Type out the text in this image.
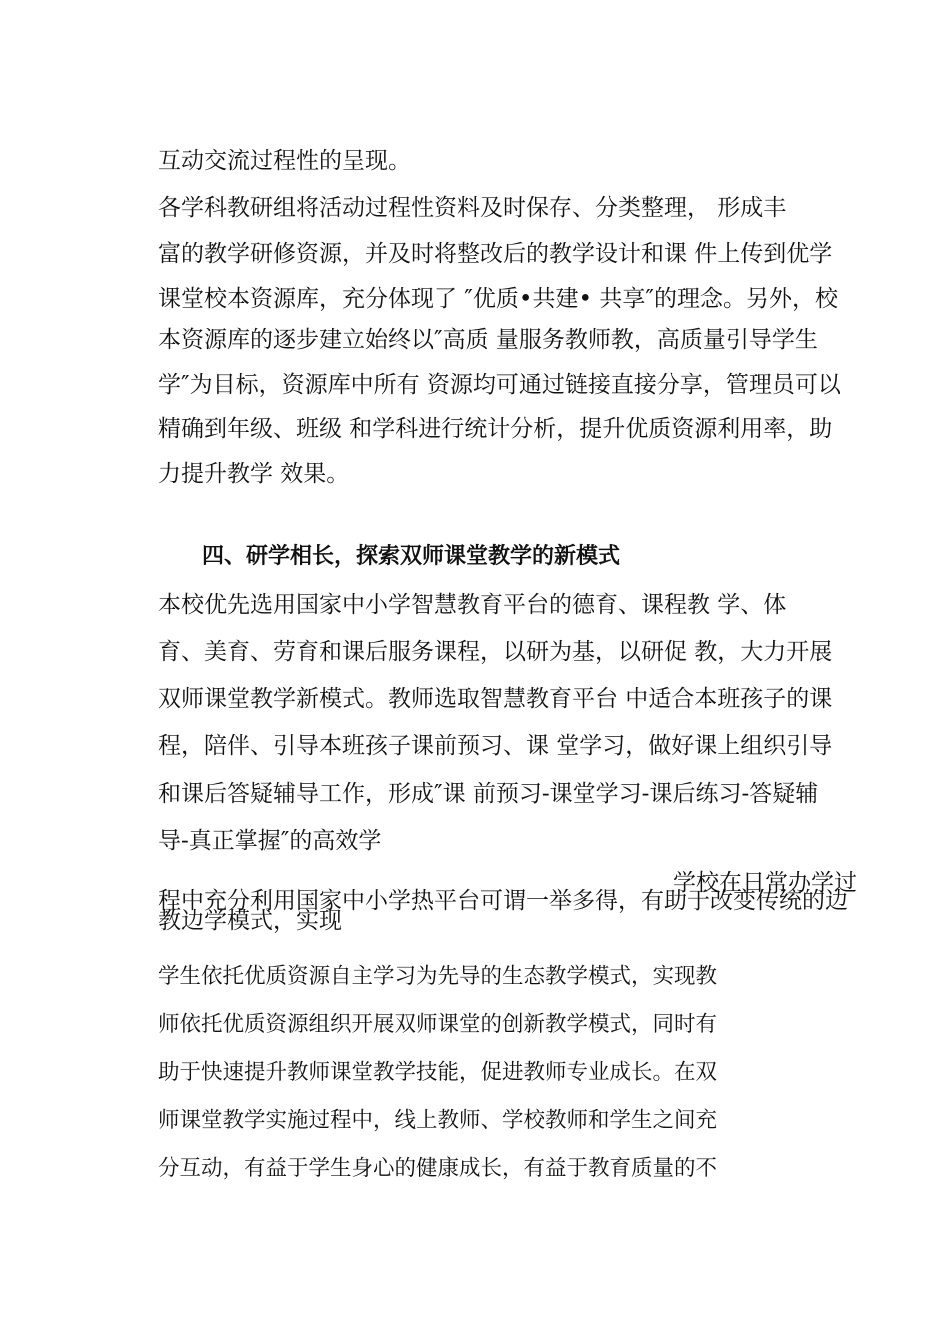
互动交流过程性的呈现。
各学科教研组将活动过程性资料及时保存、分类整理， 形成丰
富的教学研修资源，并及时将整改后的教学设计和课 件上传到优学
课堂校本资源库，充分体现了 ″优质•共建• 共享″的理念。另外，校
本资源库的逐步建立始终以″高质 量服务教师教，高质量引导学生
学″为目标，资源库中所有 资源均可通过链接直接分享，管理员可以
精确到年级、班级 和学科进行统计分析，提升优质资源利用率，助
力提升教学 效果。
四、研学相长，探索双师课堂教学的新模式
本校优先选用国家中小学智慧教育平台的德育、课程教 学、体
育、美育、劳育和课后服务课程，以研为基，以研促 教，大力开展
双师课堂教学新模式。教师选取智慧教育平台 中适合本班孩子的课
程，陪伴、引导本班孩子课前预习、课 堂学习，做好课上组织引导
和课后答疑辅导工作，形成″课 前预习-课堂学习-课后练习-答疑辅
导-真正掌握″的高效学
学校在日常办学过
程中充分利用国家中小学热平台可谓一举多得，有助于改变传统的边
教边学模式，实现
学生依托优质资源自主学习为先导的生态教学模式，实现教
师依托优质资源组织开展双师课堂的创新教学模式，同时有
助于快速提升教师课堂教学技能，促进教师专业成长。在双
师课堂教学实施过程中，线上教师、学校教师和学生之间充
分互动，有益于学生身心的健康成长，有益于教育质量的不
